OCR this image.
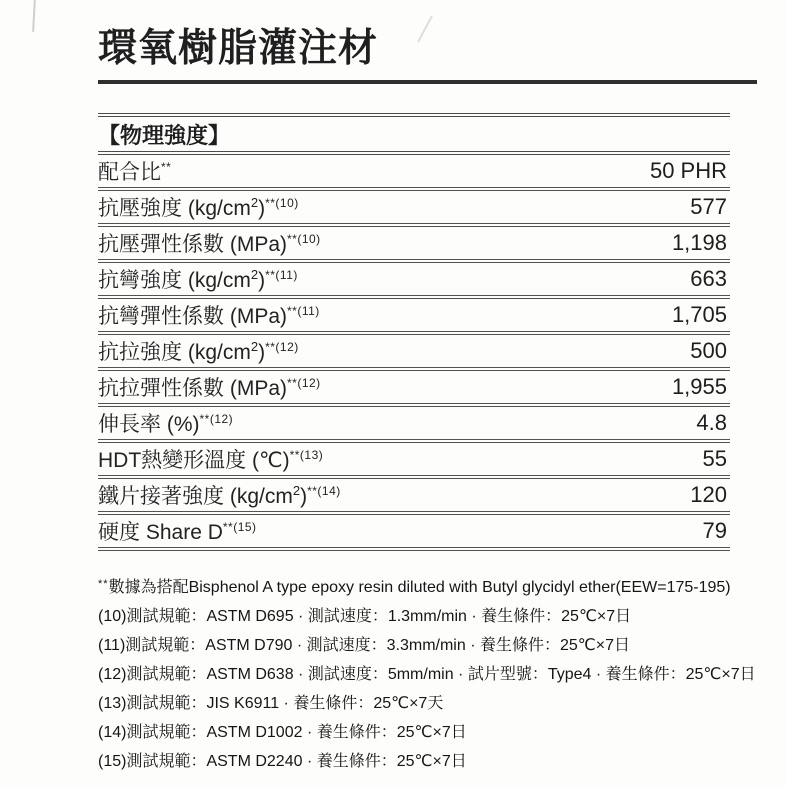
環氧樹脂灌注材
【物理強度】
配合比**	50 PHR
抗壓強度 $(kg/cm^2)^{**(10)}$	577
抗壓彈性係數 (MPa)$^{**(10)}$	1,198
抗彎強度 $(kg/cm^2)^{**(11)}$	663
抗彎彈性係數 (MPa)$^{**(11)}$	1,705
抗拉強度 $(kg/cm^2)^{**(12)}$	500
抗拉彈性係數 (MPa)$^{**(12)}$	1,955
伸長率 (%)$^{**(12)}$	4.8
HDT熱變形溫度 (℃)$^{**(13)}$	55
鐵片接著強度 $(kg/cm^2)^{**(14)}$	120
硬度 Share $D^{**(15)}$	79
**數據為搭配Bisphenol A type epoxy resin diluted with Butyl glycidyl ether(EEW=175-195)
(10)測試規範：ASTM D695 · 測試速度：1.3mm/min · 養生條件：25℃×7日
(11)測試規範：ASTM D790 · 測試速度：3.3mm/min · 養生條件：25℃×7日
(12)測試規範：ASTM D638 · 測試速度：5mm/min · 試片型號：Type4 · 養生條件：25℃×7日
(13)測試規範：JIS K6911 · 養生條件：25℃×7天
(14)測試規範：ASTM D1002 · 養生條件：25℃×7日
(15)測試規範：ASTM D2240 · 養生條件：25℃×7日
